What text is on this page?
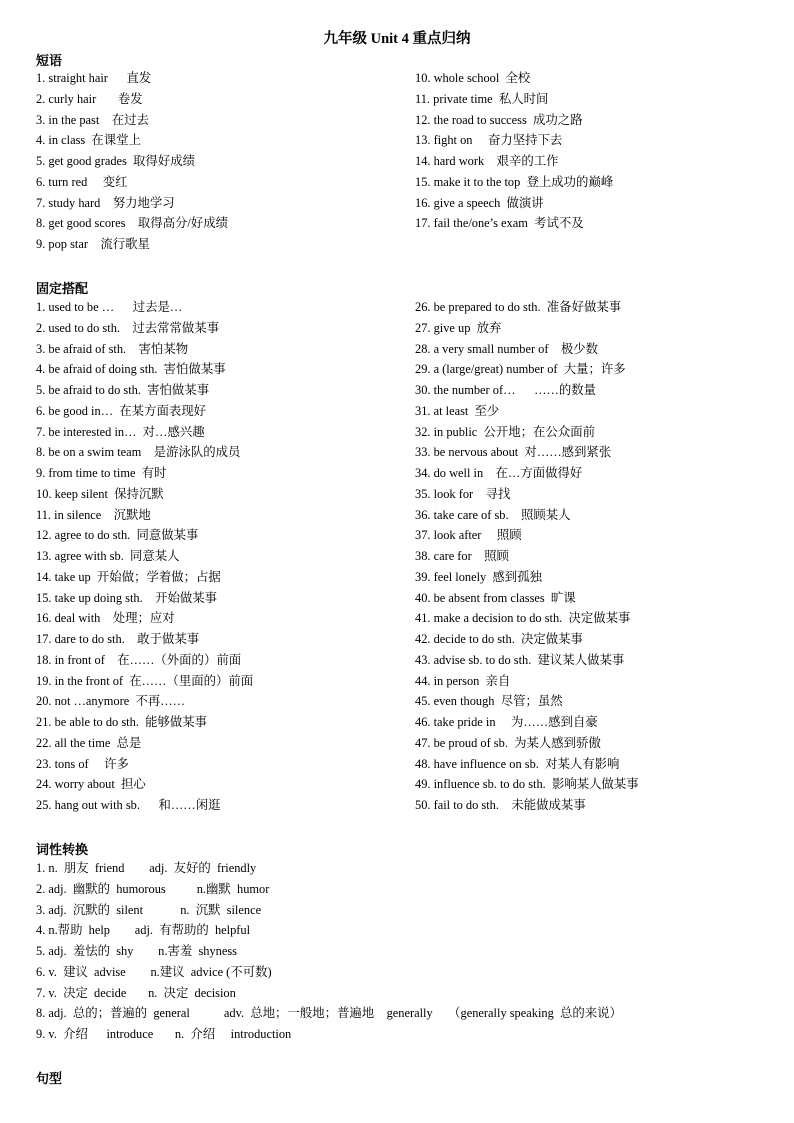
九年级 Unit 4 重点归纳
短语
1. straight hair      直发
2. curly hair       卷发
3. in the past    在过去
4. in class  在课堂上
5. get good grades  取得好成绩
6. turn red     变红
7. study hard    努力地学习
8. get good scores    取得高分/好成绩
9. pop star    流行歌星
10. whole school  全校
11. private time  私人时间
12. the road to success  成功之路
13. fight on     奋力坚持下去
14. hard work    艰辛的工作
15. make it to the top  登上成功的巅峰
16. give a speech  做演讲
17. fail the/one’s exam  考试不及
固定搭配
1. used to be …      过去是…
2. used to do sth.    过去常常做某事
3. be afraid of sth.    害怕某物
4. be afraid of doing sth.  害怕做某事
5. be afraid to do sth.  害怕做某事
6. be good in…  在某方面表现好
7. be interested in…  对…感兴趣
8. be on a swim team    是游泳队的成员
9. from time to time  有时
10. keep silent  保持沉默
11. in silence    沉默地
12. agree to do sth.  同意做某事
13. agree with sb.  同意某人
14. take up  开始做；学着做；占据
15. take up doing sth.    开始做某事
16. deal with    处理；应对
17. dare to do sth.    敢于做某事
18. in front of    在……（外面的）前面
19. in the front of  在……（里面的）前面
20. not …anymore  不再……
21. be able to do sth.  能够做某事
22. all the time  总是
23. tons of     许多
24. worry about  担心
25. hang out with sb.      和……闲逛
26. be prepared to do sth.  准备好做某事
27. give up  放弃
28. a very small number of    极少数
29. a (large/great) number of  大量；许多
30. the number of…      ……的数量
31. at least  至少
32. in public  公开地；在公众面前
33. be nervous about  对……感到紧张
34. do well in    在…方面做得好
35. look for    寻找
36. take care of sb.    照顾某人
37. look after     照顾
38. care for    照顾
39. feel lonely  感到孤独
40. be absent from classes  旷课
41. make a decision to do sth.  决定做某事
42. decide to do sth.  决定做某事
43. advise sb. to do sth.  建议某人做某事
44. in person  亲自
45. even though  尽管；虽然
46. take pride in     为……感到自豪
47. be proud of sb.  为某人感到骄傲
48. have influence on sb.  对某人有影响
49. influence sb. to do sth.  影响某人做某事
50. fail to do sth.    未能做成某事
词性转换
1. n.  朋友  friend        adj.  友好的  friendly
2. adj.  幽默的  humorous          n.幽默  humor
3. adj.  沉默的  silent            n.  沉默  silence
4. n.帮助  help        adj.  有帮助的  helpful
5. adj.  羞怯的  shy        n.害羞  shyness
6. v.  建议  advise        n.建议  advice (不可数)
7. v.  决定  decide       n.  决定  decision
8. adj.  总的；普遍的  general           adv.  总地；一般地；普遍地    generally     （generally speaking  总的来说）
9. v.  介绍      introduce       n.  介绍     introduction
句型
